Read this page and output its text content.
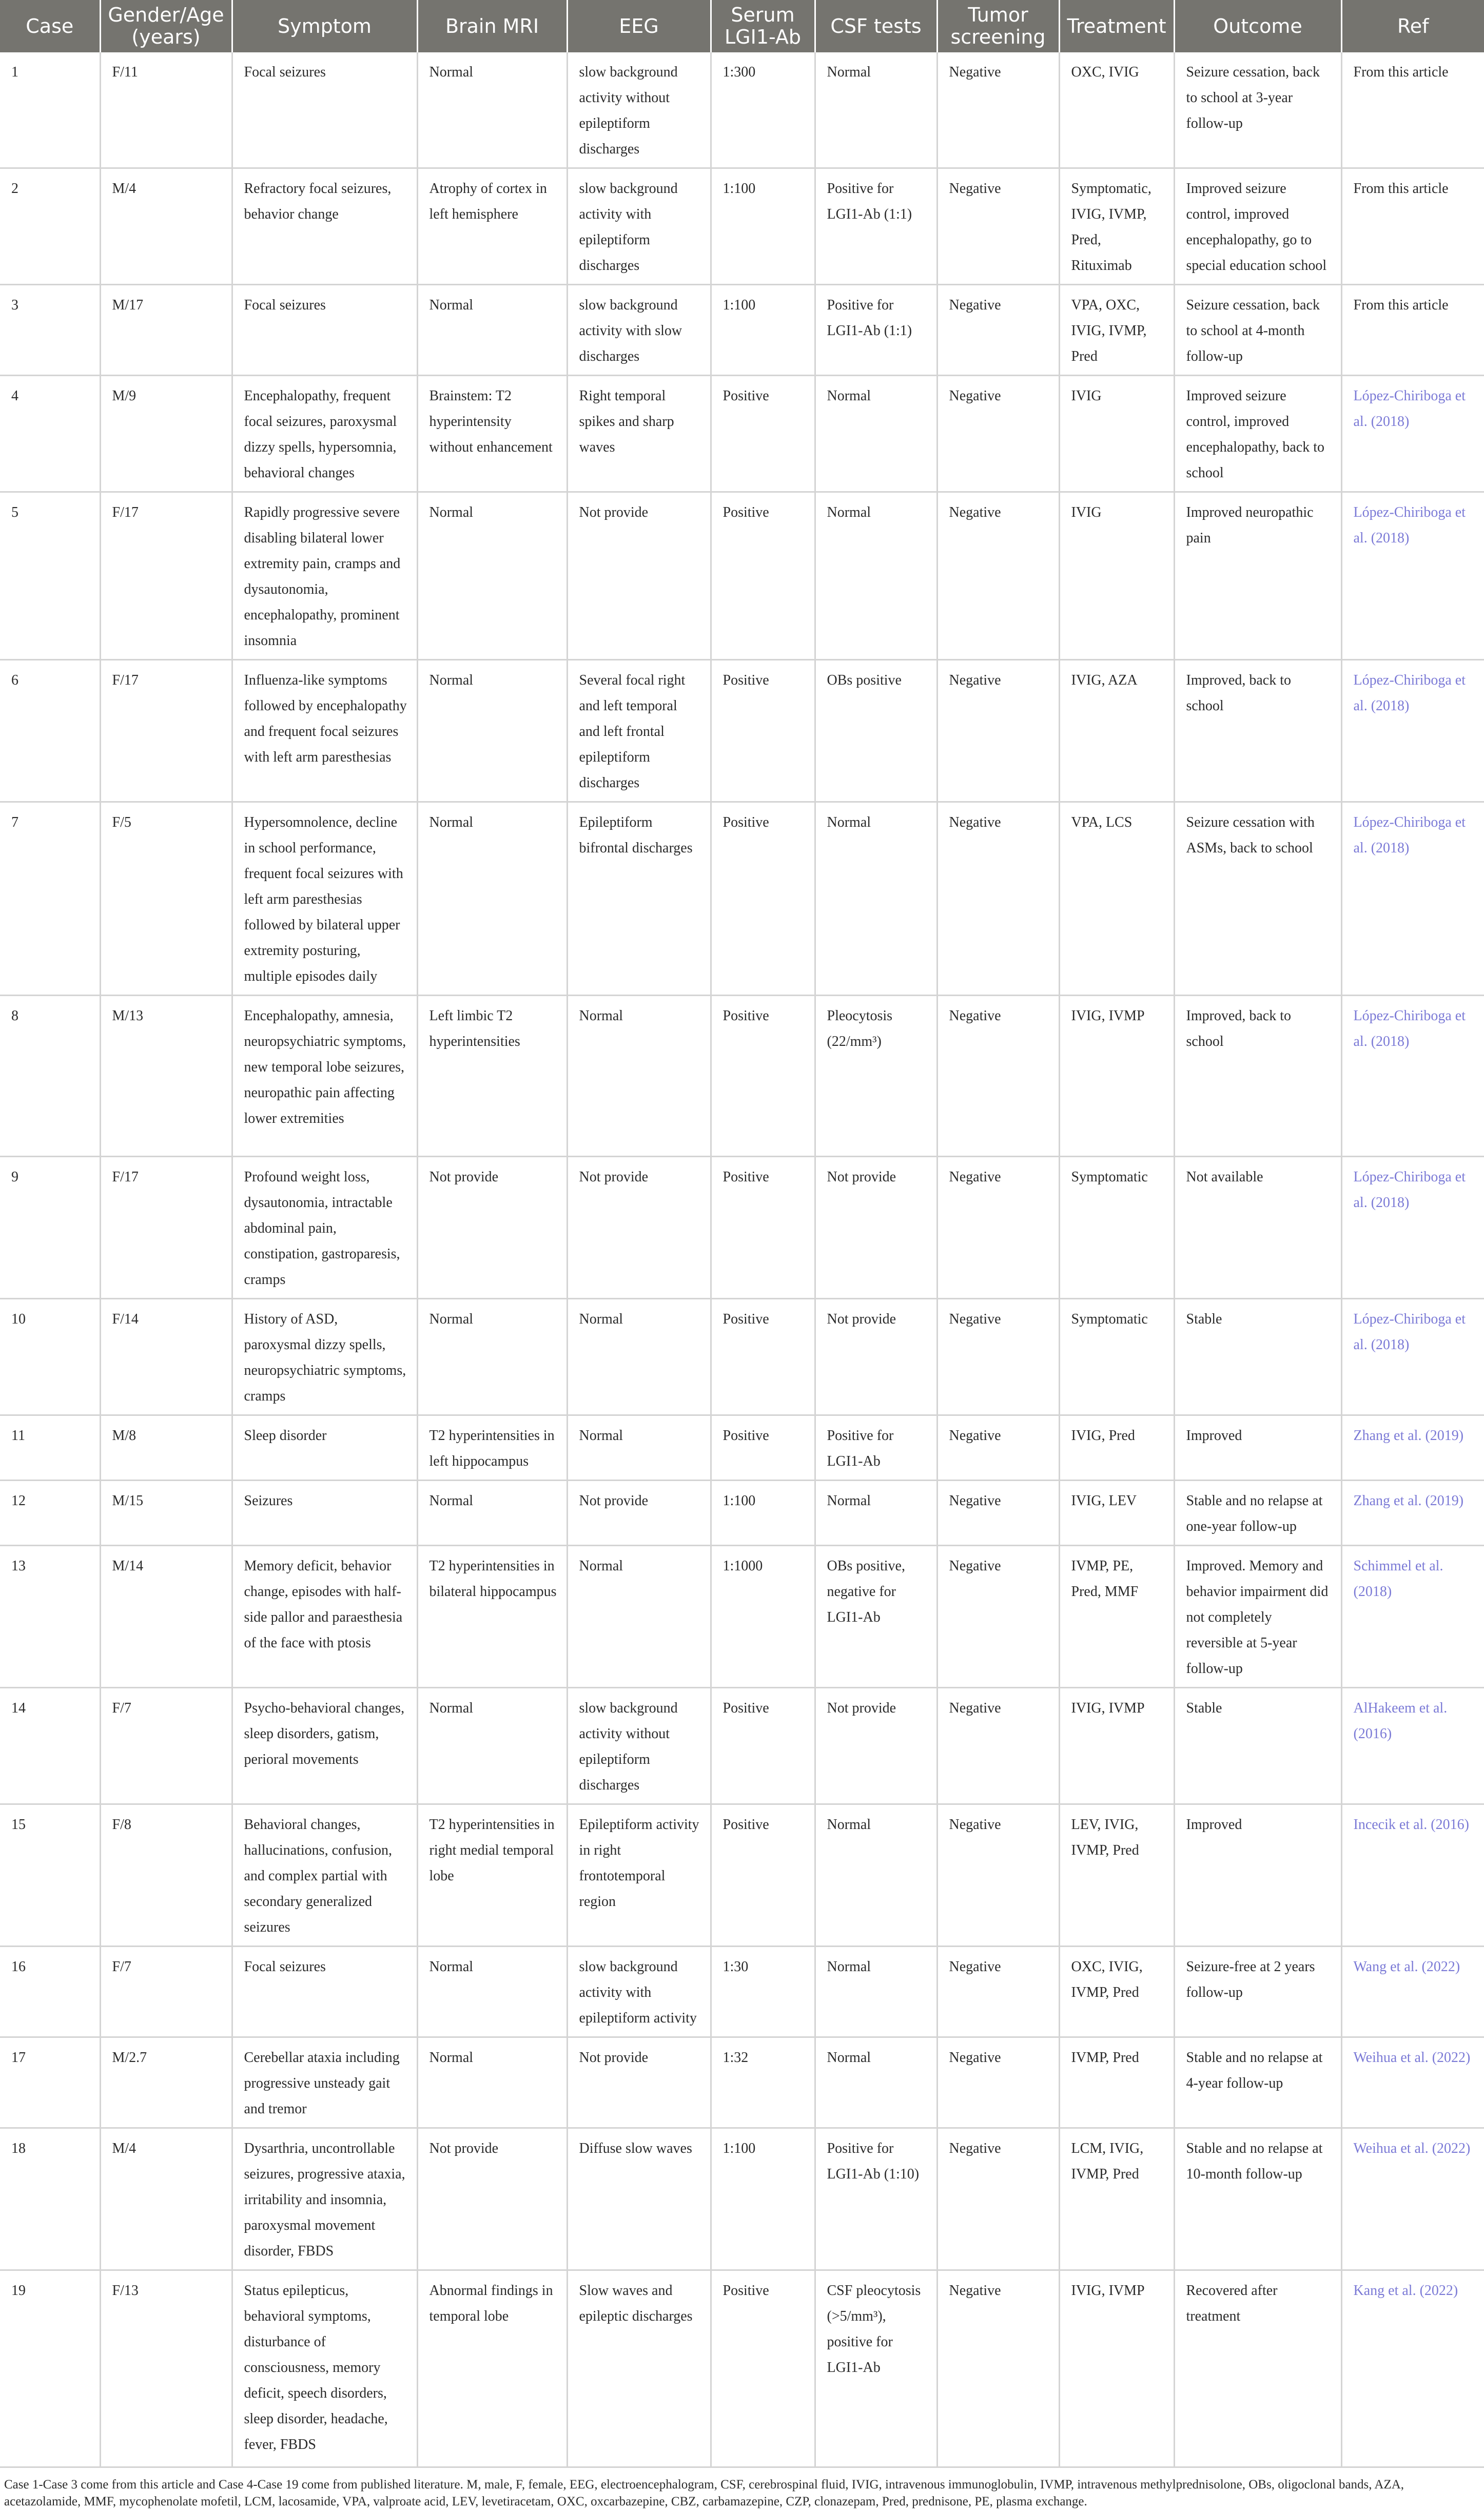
Case	Gender/Age (years)	Symptom	Brain MRI	EEG	Serum LGI1-Ab	CSF tests	Tumor screening	Treatment	Outcome	Ref
1	F/11	Focal seizures	Normal	slow background activity without epileptiform discharges	1:300	Normal	Negative	OXC, IVIG	Seizure cessation, back to school at 3-year follow-up	From this article
2	M/4	Refractory focal seizures, behavior change	Atrophy of cortex in left hemisphere	slow background activity with epileptiform discharges	1:100	Positive for LGI1-Ab (1:1)	Negative	Symptomatic, IVIG, IVMP, Pred, Rituximab	Improved seizure control, improved encephalopathy, go to special education school	From this article
3	M/17	Focal seizures	Normal	slow background activity with slow discharges	1:100	Positive for LGI1-Ab (1:1)	Negative	VPA, OXC, IVIG, IVMP, Pred	Seizure cessation, back to school at 4-month follow-up	From this article
4	M/9	Encephalopathy, frequent focal seizures, paroxysmal dizzy spells, hypersomnia, behavioral changes	Brainstem: T2 hyperintensity without enhancement	Right temporal spikes and sharp waves	Positive	Normal	Negative	IVIG	Improved seizure control, improved encephalopathy, back to school	López-Chiriboga et al. (2018)
5	F/17	Rapidly progressive severe disabling bilateral lower extremity pain, cramps and dysautonomia, encephalopathy, prominent insomnia	Normal	Not provide	Positive	Normal	Negative	IVIG	Improved neuropathic pain	López-Chiriboga et al. (2018)
6	F/17	Influenza-like symptoms followed by encephalopathy and frequent focal seizures with left arm paresthesias	Normal	Several focal right and left temporal and left frontal epileptiform discharges	Positive	OBs positive	Negative	IVIG, AZA	Improved, back to school	López-Chiriboga et al. (2018)
7	F/5	Hypersomnolence, decline in school performance, frequent focal seizures with left arm paresthesias followed by bilateral upper extremity posturing, multiple episodes daily	Normal	Epileptiform bifrontal discharges	Positive	Normal	Negative	VPA, LCS	Seizure cessation with ASMs, back to school	López-Chiriboga et al. (2018)
8	M/13	Encephalopathy, amnesia, neuropsychiatric symptoms, new temporal lobe seizures, neuropathic pain affecting lower extremities	Left limbic T2 hyperintensities	Normal	Positive	Pleocytosis (22/mm³)	Negative	IVIG, IVMP	Improved, back to school	López-Chiriboga et al. (2018)
9	F/17	Profound weight loss, dysautonomia, intractable abdominal pain, constipation, gastroparesis, cramps	Not provide	Not provide	Positive	Not provide	Negative	Symptomatic	Not available	López-Chiriboga et al. (2018)
10	F/14	History of ASD, paroxysmal dizzy spells, neuropsychiatric symptoms, cramps	Normal	Normal	Positive	Not provide	Negative	Symptomatic	Stable	López-Chiriboga et al. (2018)
11	M/8	Sleep disorder	T2 hyperintensities in left hippocampus	Normal	Positive	Positive for LGI1-Ab	Negative	IVIG, Pred	Improved	Zhang et al. (2019)
12	M/15	Seizures	Normal	Not provide	1:100	Normal	Negative	IVIG, LEV	Stable and no relapse at one-year follow-up	Zhang et al. (2019)
13	M/14	Memory deficit, behavior change, episodes with half-side pallor and paraesthesia of the face with ptosis	T2 hyperintensities in bilateral hippocampus	Normal	1:1000	OBs positive, negative for LGI1-Ab	Negative	IVMP, PE, Pred, MMF	Improved. Memory and behavior impairment did not completely reversible at 5-year follow-up	Schimmel et al. (2018)
14	F/7	Psycho-behavioral changes, sleep disorders, gatism, perioral movements	Normal	slow background activity without epileptiform discharges	Positive	Not provide	Negative	IVIG, IVMP	Stable	AlHakeem et al. (2016)
15	F/8	Behavioral changes, hallucinations, confusion, and complex partial with secondary generalized seizures	T2 hyperintensities in right medial temporal lobe	Epileptiform activity in right frontotemporal region	Positive	Normal	Negative	LEV, IVIG, IVMP, Pred	Improved	Incecik et al. (2016)
16	F/7	Focal seizures	Normal	slow background activity with epileptiform activity	1:30	Normal	Negative	OXC, IVIG, IVMP, Pred	Seizure-free at 2 years follow-up	Wang et al. (2022)
17	M/2.7	Cerebellar ataxia including progressive unsteady gait and tremor	Normal	Not provide	1:32	Normal	Negative	IVMP, Pred	Stable and no relapse at 4-year follow-up	Weihua et al. (2022)
18	M/4	Dysarthria, uncontrollable seizures, progressive ataxia, irritability and insomnia, paroxysmal movement disorder, FBDS	Not provide	Diffuse slow waves	1:100	Positive for LGI1-Ab (1:10)	Negative	LCM, IVIG, IVMP, Pred	Stable and no relapse at 10-month follow-up	Weihua et al. (2022)
19	F/13	Status epilepticus, behavioral symptoms, disturbance of consciousness, memory deficit, speech disorders, sleep disorder, headache, fever, FBDS	Abnormal findings in temporal lobe	Slow waves and epileptic discharges	Positive	CSF pleocytosis (>5/mm³), positive for LGI1-Ab	Negative	IVIG, IVMP	Recovered after treatment	Kang et al. (2022)
Case 1-Case 3 come from this article and Case 4-Case 19 come from published literature. M, male, F, female, EEG, electroencephalogram, CSF, cerebrospinal fluid, IVIG, intravenous immunoglobulin, IVMP, intravenous methylprednisolone, OBs, oligoclonal bands, AZA, acetazolamide, MMF, mycophenolate mofetil, LCM, lacosamide, VPA, valproate acid, LEV, levetiracetam, OXC, oxcarbazepine, CBZ, carbamazepine, CZP, clonazepam, Pred, prednisone, PE, plasma exchange.
